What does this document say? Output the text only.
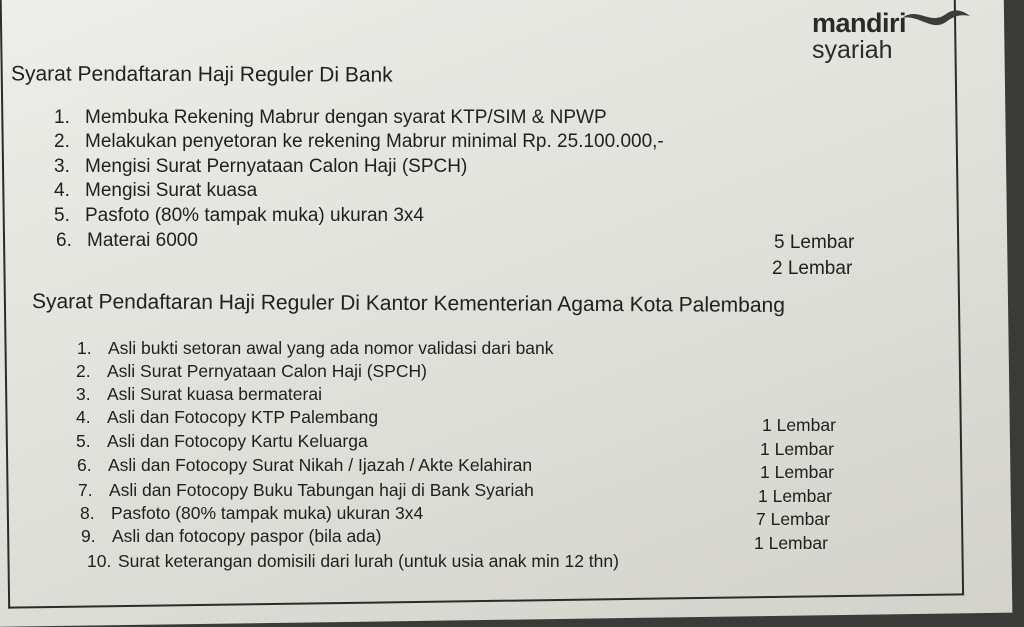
mandiri
syariah
Syarat Pendaftaran Haji Reguler Di Bank
1. Membuka Rekening Mabrur dengan syarat KTP/SIM & NPWP
2. Melakukan penyetoran ke rekening Mabrur minimal Rp. 25.100.000,-
3. Mengisi Surat Pernyataan Calon Haji (SPCH)
4. Mengisi Surat kuasa
5. Pasfoto (80% tampak muka) ukuran 3x4
6. Materai 6000	5 Lembar
2 Lembar
Syarat Pendaftaran Haji Reguler Di Kantor Kementerian Agama Kota Palembang
1. Asli bukti setoran awal yang ada nomor validasi dari bank
2. Asli Surat Pernyataan Calon Haji (SPCH)
3. Asli Surat kuasa bermaterai
4. Asli dan Fotocopy KTP Palembang
5. Asli dan Fotocopy Kartu Keluarga
6. Asli dan Fotocopy Surat Nikah / Ijazah / Akte Kelahiran
7. Asli dan Fotocopy Buku Tabungan haji di Bank Syariah
8. Pasfoto (80% tampak muka) ukuran 3x4
9. Asli dan fotocopy paspor (bila ada)
10. Surat keterangan domisili dari lurah (untuk usia anak min 12 thn)
1 Lembar
1 Lembar
1 Lembar
1 Lembar
7 Lembar
1 Lembar
